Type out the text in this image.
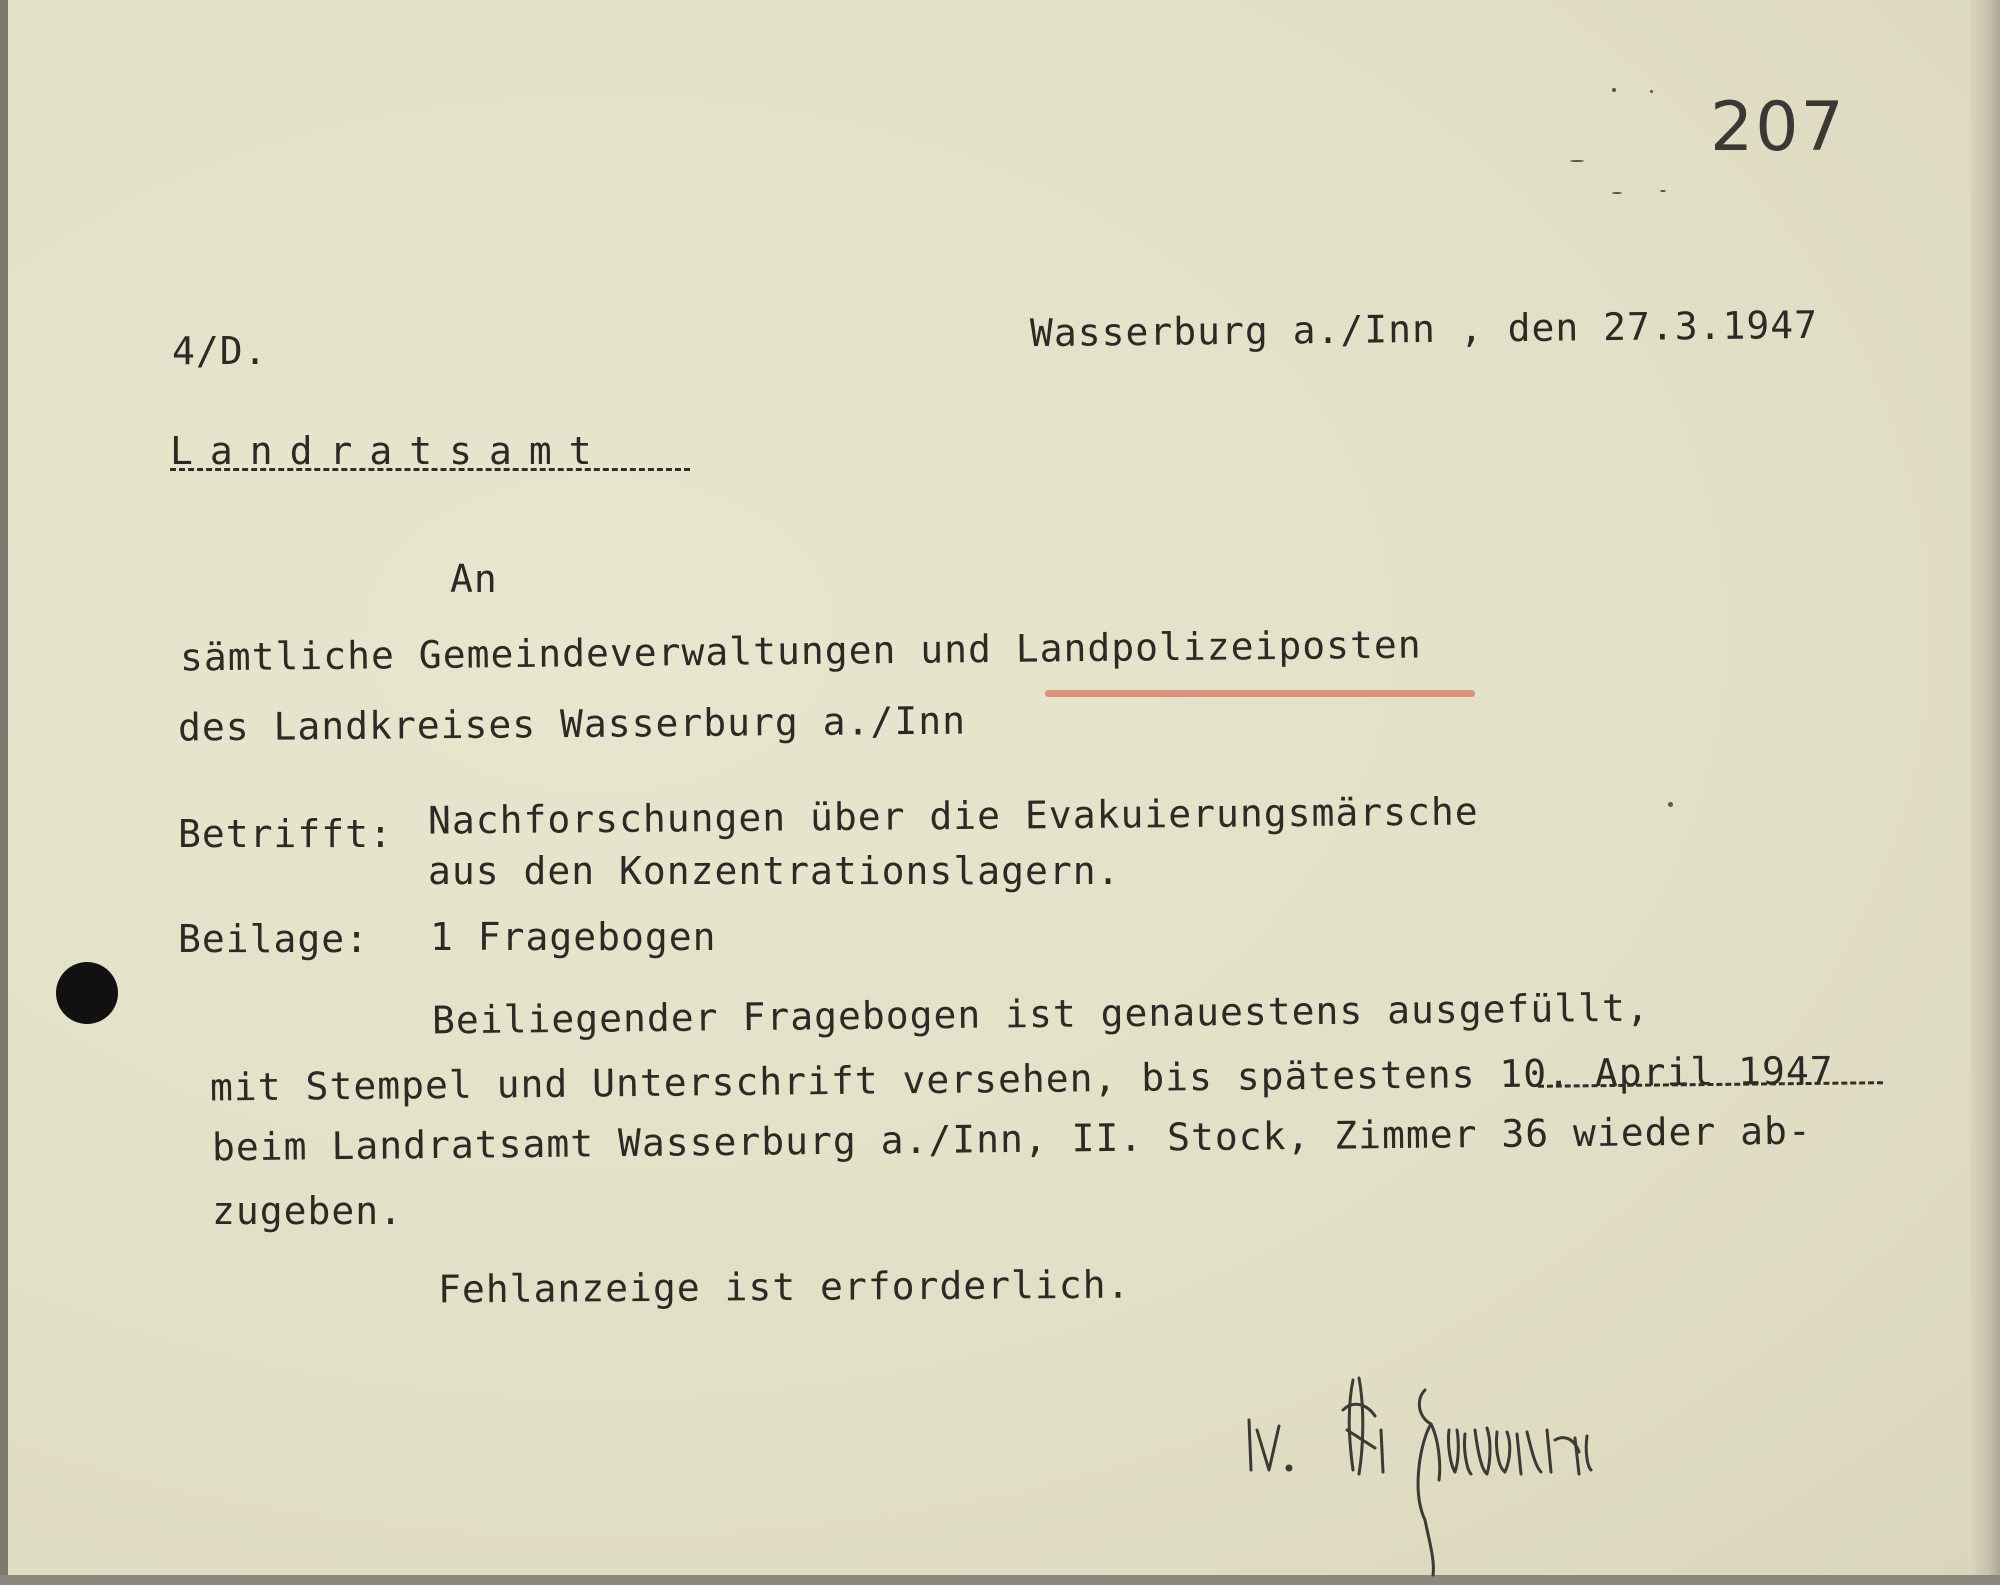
207
4/D.	Wasserburg a./Inn , den 27.3.1947
Landratsamt
An
sämtliche Gemeindeverwaltungen und Landpolizeiposten
des Landkreises Wasserburg a./Inn
Betrifft: Nachforschungen über die Evakuierungsmärsche
aus den Konzentrationslagern.
Beilage: 1 Fragebogen
Beiliegender Fragebogen ist genauestens ausgefüllt,
mit Stempel und Unterschrift versehen, bis spätestens 10. April 1947
beim Landratsamt Wasserburg a./Inn, II. Stock, Zimmer 36 wieder ab-
zugeben.
Fehlanzeige ist erforderlich.
